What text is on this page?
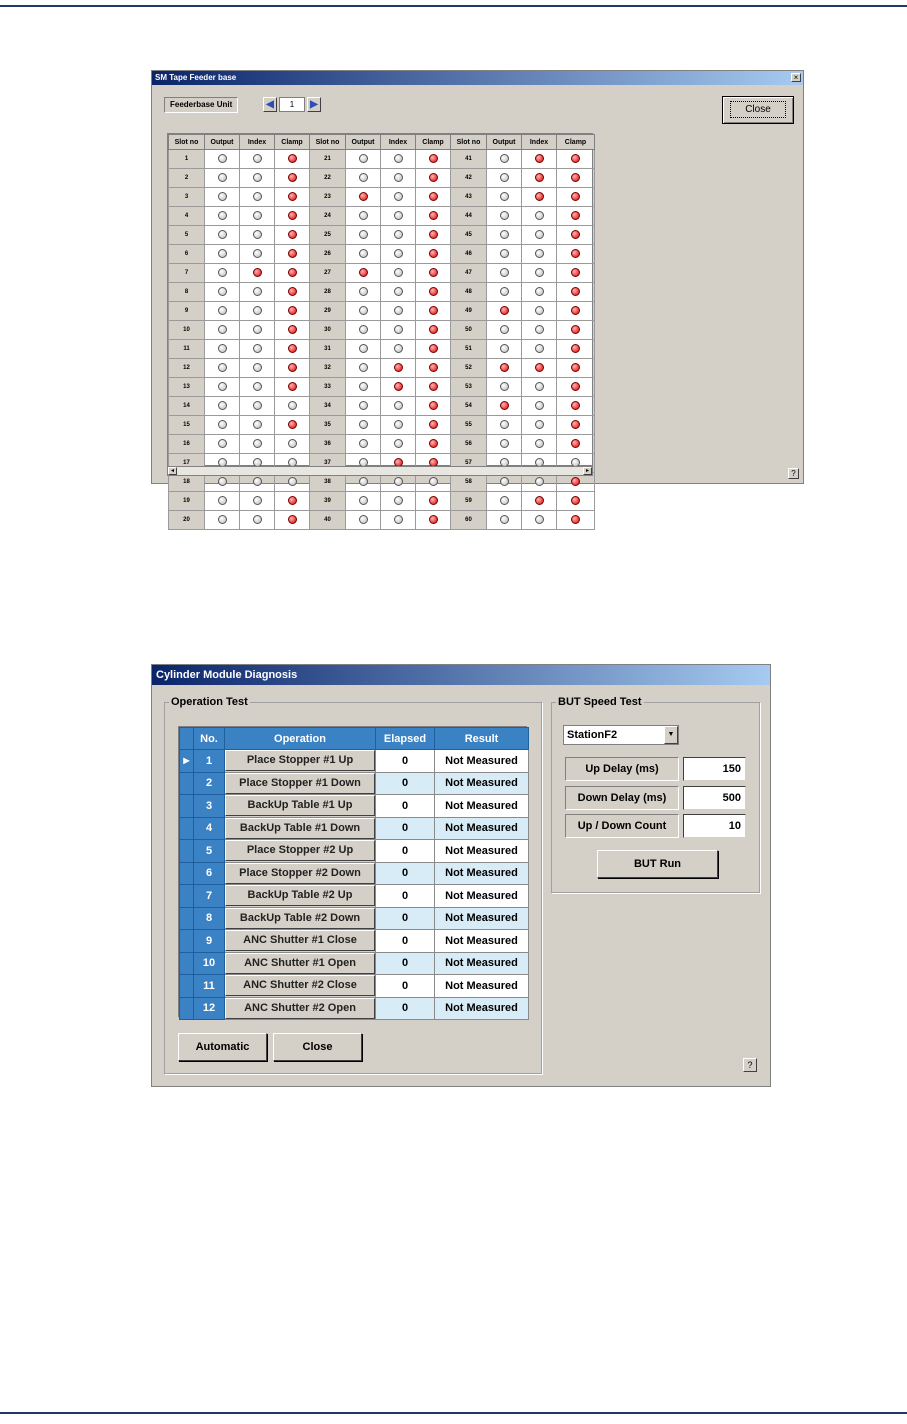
SM Tape Feeder base	×
Feederbase Unit	◀	1	▶	Close
Slot no	Output	Index	Clamp	Slot no	Output	Index	Clamp	Slot no	Output	Index	Clamp
1				21				41			
2				22				42			
3				23				43			
4				24				44			
5				25				45			
6				26				46			
7				27				47			
8				28				48			
9				29				49			
10				30				50			
11				31				51			
12				32				52			
13				33				53			
14				34				54			
15				35				55			
16				36				56			
17				37				57			
18				38				58			
19				39				59			
20				40				60			
◂	▸	?
Cylinder Module Diagnosis
Operation Test	BUT Speed Test
	No.	Operation	Elapsed	Result
▶	1	Place Stopper #1 Up	0	Not Measured
	2	Place Stopper #1 Down	0	Not Measured
	3	BackUp Table #1 Up	0	Not Measured
	4	BackUp Table #1 Down	0	Not Measured
	5	Place Stopper #2 Up	0	Not Measured
	6	Place Stopper #2 Down	0	Not Measured
	7	BackUp Table #2 Up	0	Not Measured
	8	BackUp Table #2 Down	0	Not Measured
	9	ANC Shutter #1 Close	0	Not Measured
	10	ANC Shutter #1 Open	0	Not Measured
	11	ANC Shutter #2 Close	0	Not Measured
	12	ANC Shutter #2 Open	0	Not Measured
Automatic	Close
StationF2	▼
Up Delay (ms)	150
Down Delay (ms)	500
Up / Down Count	10
BUT Run
?
